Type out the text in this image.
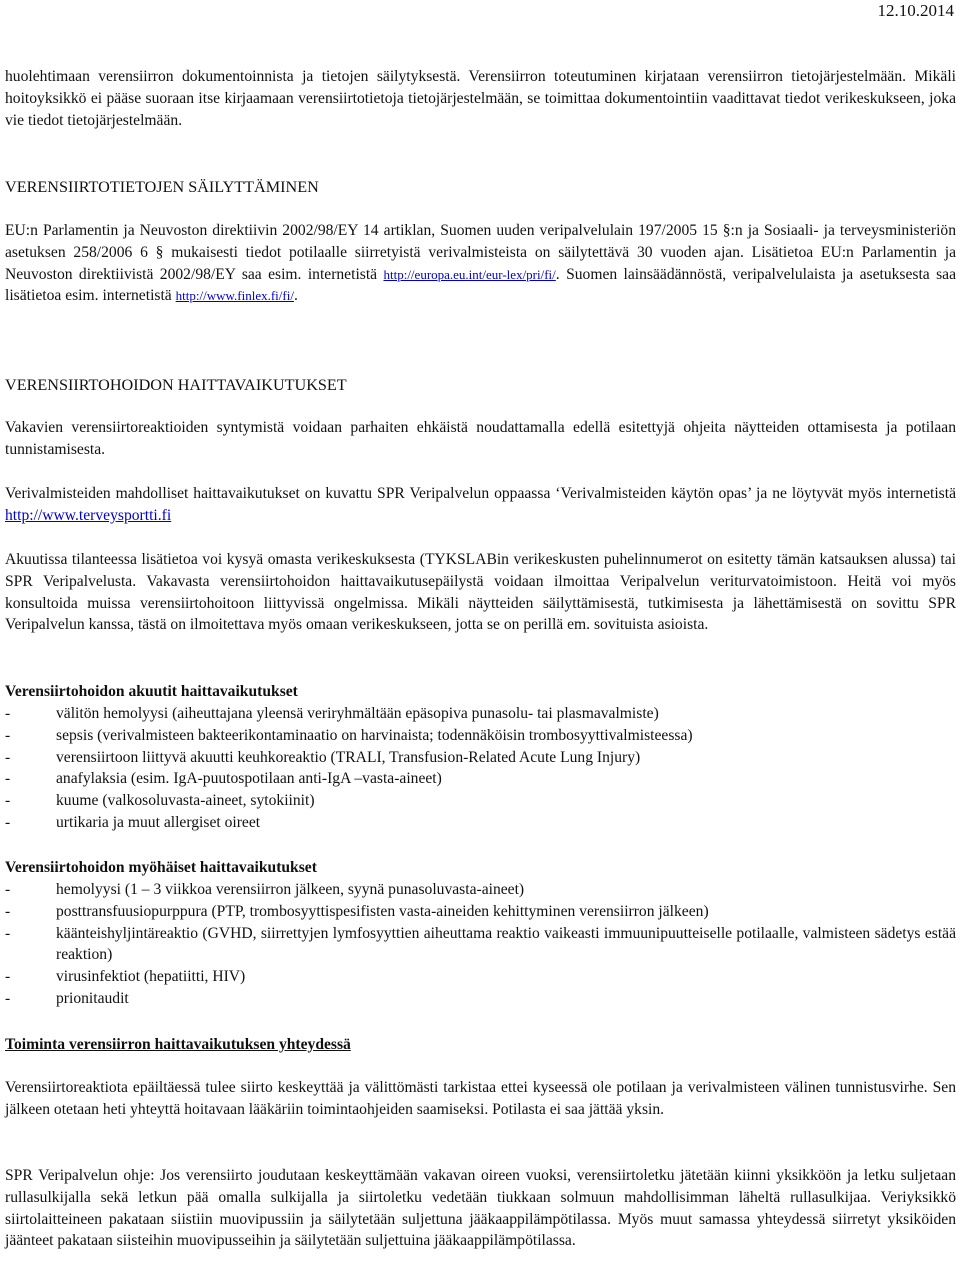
12.10.2014

huolehtimaan verensiirron dokumentoinnista ja tietojen säilytyksestä. Verensiirron toteutuminen kirjataan verensiirron tietojärjestelmään. Mikäli hoitoyksikkö ei pääse suoraan itse kirjaamaan verensiirtotietoja tietojärjestelmään, se toimittaa dokumentointiin vaadittavat tiedot verikeskukseen, joka vie tiedot tietojärjestelmään.

VERENSIIRTOTIETOJEN SÄILYTTÄMINEN

EU:n Parlamentin ja Neuvoston direktiivin 2002/98/EY 14 artiklan, Suomen uuden veripalvelulain 197/2005 15 §:n ja Sosiaali- ja terveysministeriön asetuksen 258/2006 6 § mukaisesti tiedot potilaalle siirretyistä verivalmisteista on säilytettävä 30 vuoden ajan. Lisätietoa EU:n Parlamentin ja Neuvoston direktiivistä 2002/98/EY saa esim. internetistä http://europa.eu.int/eur-lex/pri/fi/. Suomen lainsäädännöstä, veripalvelulaista ja asetuksesta saa lisätietoa esim. internetistä http://www.finlex.fi/fi/.

VERENSIIRTOHOIDON HAITTAVAIKUTUKSET

Vakavien verensiirtoreaktioiden syntymistä voidaan parhaiten ehkäistä noudattamalla edellä esitettyjä ohjeita näytteiden ottamisesta ja potilaan tunnistamisesta.

Verivalmisteiden mahdolliset haittavaikutukset on kuvattu SPR Veripalvelun oppaassa ‘Verivalmisteiden käytön opas’ ja ne löytyvät myös internetistä http://www.terveysportti.fi

Akuutissa tilanteessa lisätietoa voi kysyä omasta verikeskuksesta (TYKSLABin verikeskusten puhelinnumerot on esitetty tämän katsauksen alussa) tai SPR Veripalvelusta. Vakavasta verensiirtohoidon haittavaikutusepäilystä voidaan ilmoittaa Veripalvelun veriturvatoimistoon. Heitä voi myös konsultoida muissa verensiirtohoitoon liittyvissä ongelmissa. Mikäli näytteiden säilyttämisestä, tutkimisesta ja lähettämisestä on sovittu SPR Veripalvelun kanssa, tästä on ilmoitettava myös omaan verikeskukseen, jotta se on perillä em. sovituista asioista.

Verensiirtohoidon akuutit haittavaikutukset
-	välitön hemolyysi (aiheuttajana yleensä veriryhmältään epäsopiva punasolu- tai plasmavalmiste)
-	sepsis (verivalmisteen bakteerikontaminaatio on harvinaista; todennäköisin trombosyyttivalmisteessa)
-	verensiirtoon liittyvä akuutti keuhkoreaktio (TRALI, Transfusion-Related Acute Lung Injury)
-	anafylaksia (esim. IgA-puutospotilaan anti-IgA –vasta-aineet)
-	kuume (valkosoluvasta-aineet, sytokiinit)
-	urtikaria ja muut allergiset oireet
Verensiirtohoidon myöhäiset haittavaikutukset
-	hemolyysi (1 – 3 viikkoa verensiirron jälkeen, syynä punasoluvasta-aineet)
-	posttransfuusiopurppura (PTP, trombosyyttispesifisten vasta-aineiden kehittyminen verensiirron jälkeen)
-	käänteishyljintäreaktio (GVHD, siirrettyjen lymfosyyttien aiheuttama reaktio vaikeasti immuunipuutteiselle potilaalle, valmisteen sädetys estää reaktion)
-	virusinfektiot (hepatiitti, HIV)
-	prionitaudit
Toiminta verensiirron haittavaikutuksen yhteydessä

Verensiirtoreaktiota epäiltäessä tulee siirto keskeyttää ja välittömästi tarkistaa ettei kyseessä ole potilaan ja verivalmisteen välinen tunnistusvirhe. Sen jälkeen otetaan heti yhteyttä hoitavaan lääkäriin toimintaohjeiden saamiseksi. Potilasta ei saa jättää yksin.

SPR Veripalvelun ohje: Jos verensiirto joudutaan keskeyttämään vakavan oireen vuoksi, verensiirtoletku jätetään kiinni yksikköön ja letku suljetaan rullasulkijalla sekä letkun pää omalla sulkijalla ja siirtoletku vedetään tiukkaan solmuun mahdollisimman läheltä rullasulkijaa. Veriyksikkö siirtolaitteineen pakataan siistiin muovipussiin ja säilytetään suljettuna jääkaappilämpötilassa. Myös muut samassa yhteydessä siirretyt yksiköiden jäänteet pakataan siisteihin muovipusseihin ja säilytetään suljettuina jääkaappilämpötilassa.
